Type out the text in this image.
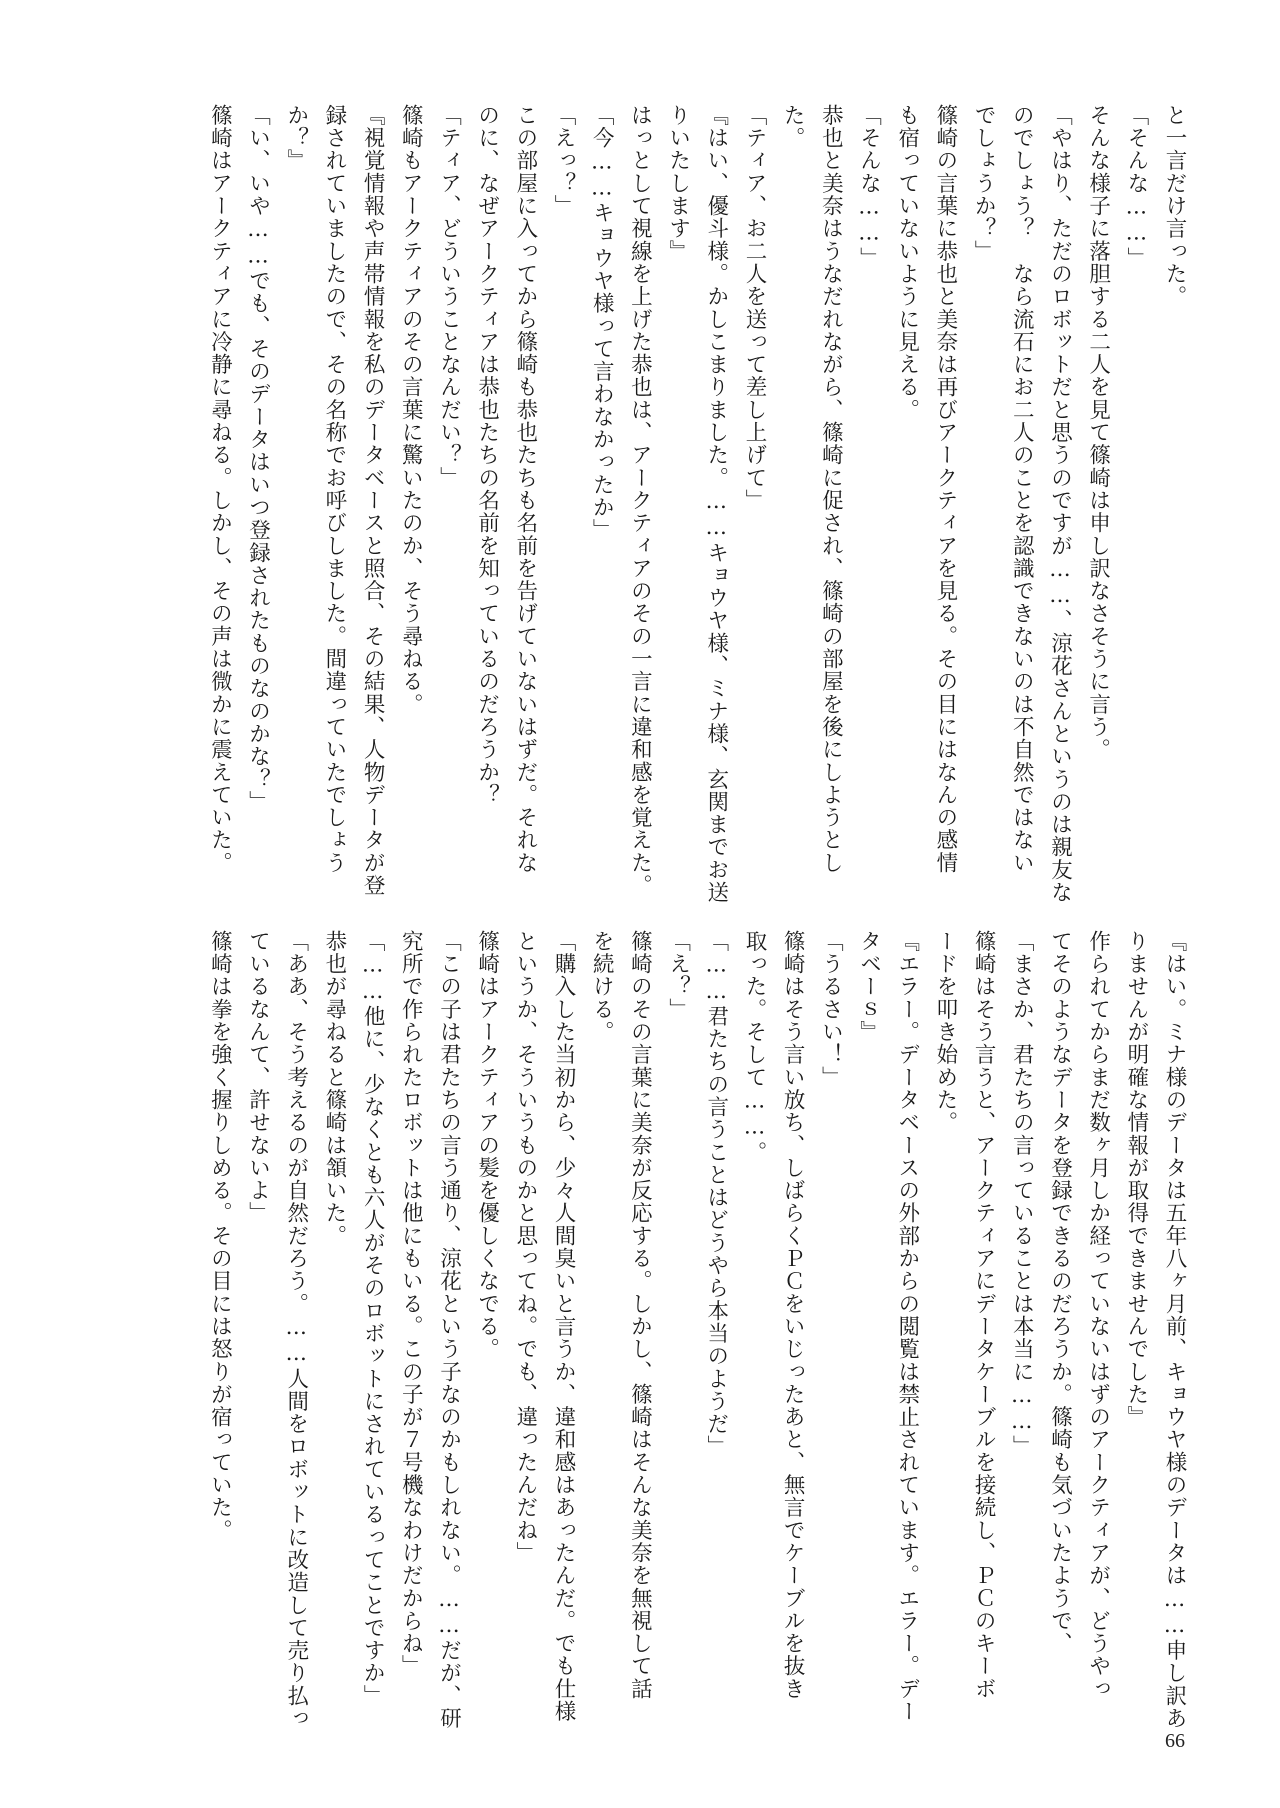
と一言だけ言った。

「そんな……」

そんな様子に落胆する二人を見て篠崎は申し訳なさそうに言う。

「やはり、ただのロボットだと思うのですが……、涼花さんというのは親友な

のでしょう？　なら流石にお二人のことを認識できないのは不自然ではない

でしょうか？」

篠崎の言葉に恭也と美奈は再びアークティアを見る。その目にはなんの感情

も宿っていないように見える。

「そんな……」

恭也と美奈はうなだれながら、篠崎に促され、篠崎の部屋を後にしようとし

た。

「ティア、お二人を送って差し上げて」

『はい、優斗様。かしこまりました。……キョウヤ様、ミナ様、玄関までお送

りいたします』

はっとして視線を上げた恭也は、アークティアのその一言に違和感を覚えた。

「今……キョウヤ様って言わなかったか」

「えっ？」

この部屋に入ってから篠崎も恭也たちも名前を告げていないはずだ。それな

のに、なぜアークティアは恭也たちの名前を知っているのだろうか？

「ティア、どういうことなんだい？」

篠崎もアークティアのその言葉に驚いたのか、そう尋ねる。

『視覚情報や声帯情報を私のデータベースと照合、その結果、人物データが登

録されていましたので、その名称でお呼びしました。間違っていたでしょう

か？』

「い、いや……でも、そのデータはいつ登録されたものなのかな？」

篠崎はアークティアに冷静に尋ねる。しかし、その声は微かに震えていた。

『はい。ミナ様のデータは五年八ヶ月前、キョウヤ様のデータは……申し訳あ

りませんが明確な情報が取得できませんでした』

作られてからまだ数ヶ月しか経っていないはずのアークティアが、どうやっ

てそのようなデータを登録できるのだろうか。篠崎も気づいたようで、

「まさか、君たちの言っていることは本当に……」

篠崎はそう言うと、アークティアにデータケーブルを接続し、ＰＣのキーボ

ードを叩き始めた。

『エラー。データベースの外部からの閲覧は禁止されています。エラー。デー

タベーｓ』

「うるさい！」

篠崎はそう言い放ち、しばらくＰＣをいじったあと、無言でケーブルを抜き

取った。そして……。

「……君たちの言うことはどうやら本当のようだ」

「え？」

篠崎のその言葉に美奈が反応する。しかし、篠崎はそんな美奈を無視して話

を続ける。

「購入した当初から、少々人間臭いと言うか、違和感はあったんだ。でも仕様

というか、そういうものかと思ってね。でも、違ったんだね」

篠崎はアークティアの髪を優しくなでる。

「この子は君たちの言う通り、涼花という子なのかもしれない。……だが、研

究所で作られたロボットは他にもいる。この子が７号機なわけだからね」

「……他に、少なくとも六人がそのロボットにされているってことですか」

恭也が尋ねると篠崎は頷いた。

「ああ、そう考えるのが自然だろう。……人間をロボットに改造して売り払っ

ているなんて、許せないよ」

篠崎は拳を強く握りしめる。その目には怒りが宿っていた。

66
